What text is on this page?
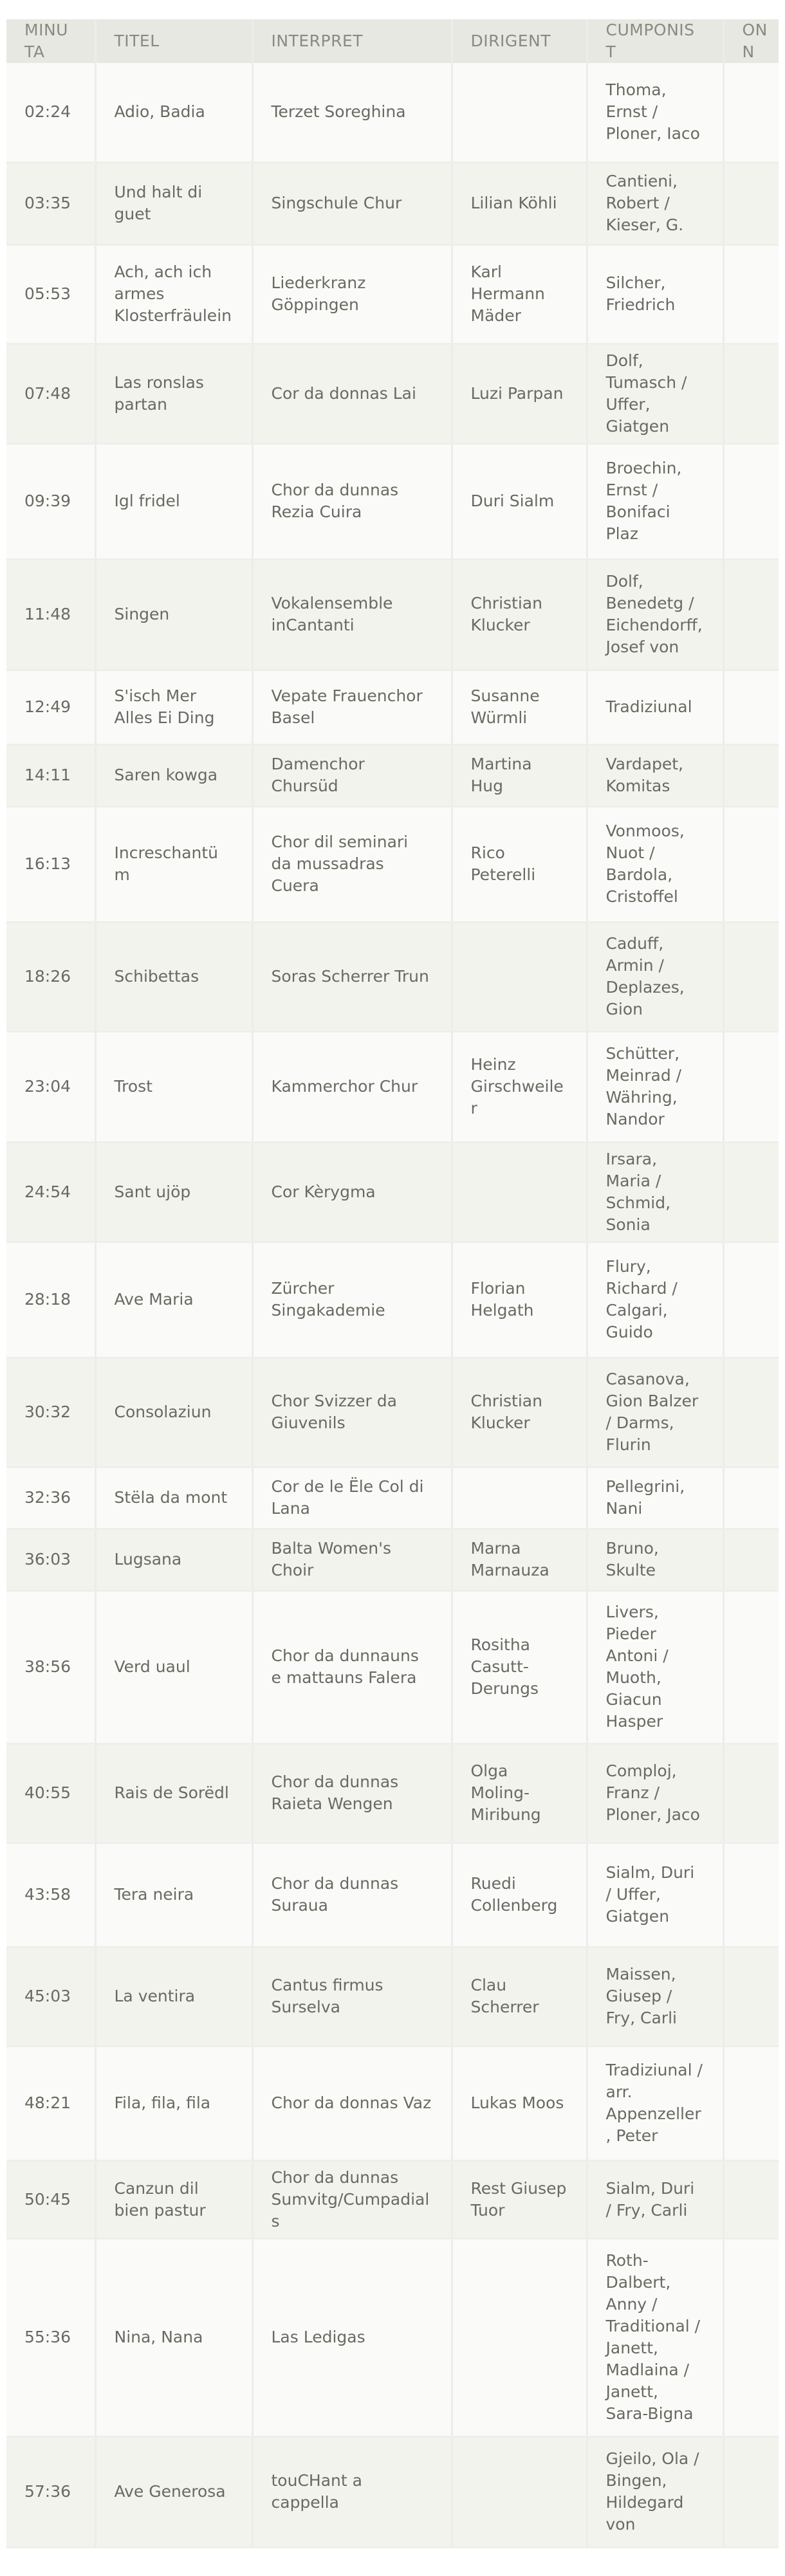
MINUTA	TITEL	INTERPRET	DIRIGENT	CUMPONIST	ONN
02:24	Adio, Badia	Terzet Soreghina		Thoma, Ernst / Ploner, Iaco	
03:35	Und halt di guet	Singschule Chur	Lilian Köhli	Cantieni, Robert / Kieser, G.	
05:53	Ach, ach ich armes Klosterfräulein	Liederkranz Göppingen	Karl Hermann Mäder	Silcher, Friedrich	
07:48	Las ronslas partan	Cor da donnas Lai	Luzi Parpan	Dolf, Tumasch / Uffer, Giatgen	
09:39	Igl fridel	Chor da dunnas Rezia Cuira	Duri Sialm	Broechin, Ernst / Bonifaci Plaz	
11:48	Singen	Vokalensemble inCantanti	Christian Klucker	Dolf, Benedetg / Eichendorff, Josef von	
12:49	S'isch Mer Alles Ei Ding	Vepate Frauenchor Basel	Susanne Würmli	Tradiziunal	
14:11	Saren kowga	Damenchor Chursüd	Martina Hug	Vardapet, Komitas	
16:13	Increschantüm	Chor dil seminari da mussadras Cuera	Rico Peterelli	Vonmoos, Nuot / Bardola, Cristoffel	
18:26	Schibettas	Soras Scherrer Trun		Caduff, Armin / Deplazes, Gion	
23:04	Trost	Kammerchor Chur	Heinz Girschweiler	Schütter, Meinrad / Währing, Nandor	
24:54	Sant ujöp	Cor Kèrygma		Irsara, Maria / Schmid, Sonia	
28:18	Ave Maria	Zürcher Singakademie	Florian Helgath	Flury, Richard / Calgari, Guido	
30:32	Consolaziun	Chor Svizzer da Giuvenils	Christian Klucker	Casanova, Gion Balzer / Darms, Flurin	
32:36	Stëla da mont	Cor de le Ële Col di Lana		Pellegrini, Nani	
36:03	Lugsana	Balta Women's Choir	Marna Marnauza	Bruno, Skulte	
38:56	Verd uaul	Chor da dunnauns e mattauns Falera	Rositha Casutt-Derungs	Livers, Pieder Antoni / Muoth, Giacun Hasper	
40:55	Rais de Sorëdl	Chor da dunnas Raieta Wengen	Olga Moling-Miribung	Comploj, Franz / Ploner, Jaco	
43:58	Tera neira	Chor da dunnas Suraua	Ruedi Collenberg	Sialm, Duri / Uffer, Giatgen	
45:03	La ventira	Cantus firmus Surselva	Clau Scherrer	Maissen, Giusep / Fry, Carli	
48:21	Fila, fila, fila	Chor da donnas Vaz	Lukas Moos	Tradiziunal / arr. Appenzeller, Peter	
50:45	Canzun dil bien pastur	Chor da dunnas Sumvitg/Cumpadials	Rest Giusep Tuor	Sialm, Duri / Fry, Carli	
55:36	Nina, Nana	Las Ledigas		Roth-Dalbert, Anny / Traditional / Janett, Madlaina / Janett, Sara-Bigna	
57:36	Ave Generosa	touCHant a cappella		Gjeilo, Ola / Bingen, Hildegard von	
